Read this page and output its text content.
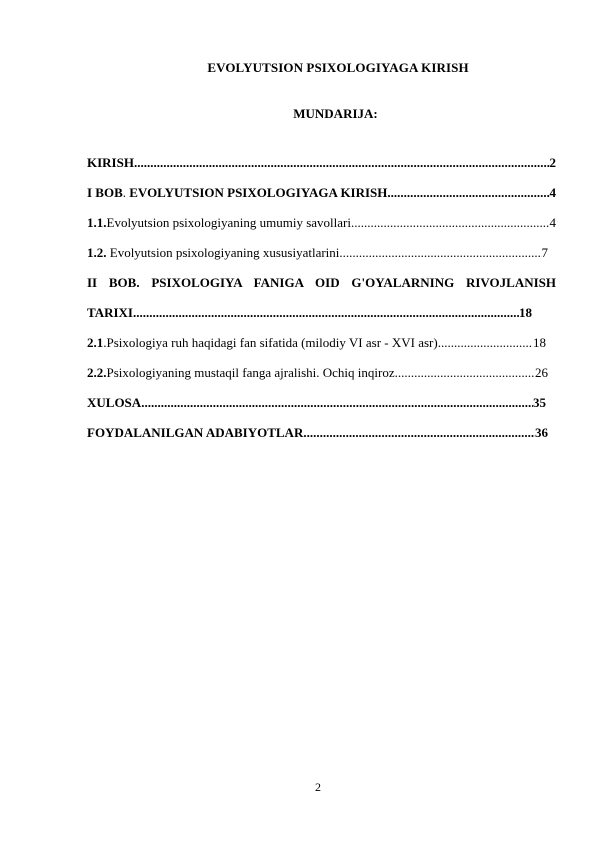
EVOLYUTSION PSIXOLOGIYAGA KIRISH
MUNDARIJA:
KIRISH .....	2
I BOB. EVOLYUTSION PSIXOLOGIYAGA KIRISH .....	4
1.1.Evolyutsion psixologiyaning umumiy savollari .....	4
1.2. Evolyutsion psixologiyaning xususiyatlarini .....	7
II BOB. PSIXOLOGIYA FANIGA OID G'OYALARNING RIVOJLANISH
TARIXI .....	18
2.1.Psixologiya ruh haqidagi fan sifatida (milodiy VI asr - XVI asr) .....	18
2.2.Psixologiyaning mustaqil fanga ajralishi. Ochiq inqiroz .....	26
XULOSA .....	35
FOYDALANILGAN ADABIYOTLAR .....	36
2
